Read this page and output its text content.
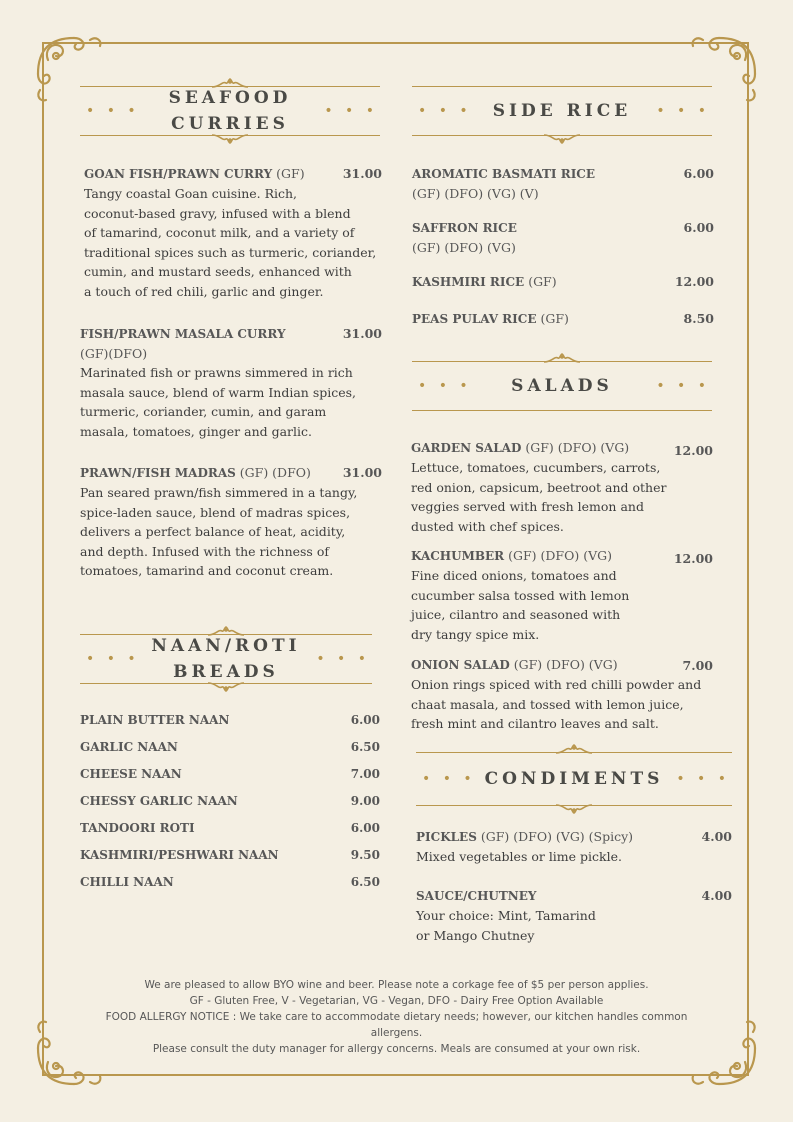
• • •
SEAFOOD
CURRIES
• • •
GOAN FISH/PRAWN CURRY (GF)	31.00
Tangy coastal Goan cuisine. Rich,
coconut-based gravy, infused with a blend
of tamarind, coconut milk, and a variety of
traditional spices such as turmeric, coriander,
cumin, and mustard seeds, enhanced with
a touch of red chili, garlic and ginger.
FISH/PRAWN MASALA CURRY	31.00
(GF)(DFO)
Marinated fish or prawns simmered in rich
masala sauce, blend of warm Indian spices,
turmeric, coriander, cumin, and garam
masala, tomatoes, ginger and garlic.
PRAWN/FISH MADRAS (GF) (DFO)	31.00
Pan seared prawn/fish simmered in a tangy,
spice-laden sauce, blend of madras spices,
delivers a perfect balance of heat, acidity,
and depth. Infused with the richness of
tomatoes, tamarind and coconut cream.
• • •
NAAN/ROTI
BREADS
• • •
PLAIN BUTTER NAAN	6.00
GARLIC NAAN	6.50
CHEESE NAAN	7.00
CHESSY GARLIC NAAN	9.00
TANDOORI ROTI	6.00
KASHMIRI/PESHWARI NAAN	9.50
CHILLI NAAN	6.50
• • •	SIDE RICE	• • •
AROMATIC BASMATI RICE	6.00
(GF) (DFO) (VG) (V)
SAFFRON RICE	6.00
(GF) (DFO) (VG)
KASHMIRI RICE (GF)	12.00
PEAS PULAV RICE (GF)	8.50
• • •	SALADS	• • •
GARDEN SALAD (GF) (DFO) (VG)	12.00
Lettuce, tomatoes, cucumbers, carrots,
red onion, capsicum, beetroot and other
veggies served with fresh lemon and
dusted with chef spices.
KACHUMBER (GF) (DFO) (VG)	12.00
Fine diced onions, tomatoes and
cucumber salsa tossed with lemon
juice, cilantro and seasoned with
dry tangy spice mix.
ONION SALAD (GF) (DFO) (VG)	7.00
Onion rings spiced with red chilli powder and
chaat masala, and tossed with lemon juice,
fresh mint and cilantro leaves and salt.
• • • CONDIMENTS • • •
PICKLES (GF) (DFO) (VG) (Spicy)	4.00
Mixed vegetables or lime pickle.
SAUCE/CHUTNEY	4.00
Your choice: Mint, Tamarind
or Mango Chutney
We are pleased to allow BYO wine and beer. Please note a corkage fee of $5 per person applies.
GF - Gluten Free, V - Vegetarian, VG - Vegan, DFO - Dairy Free Option Available
FOOD ALLERGY NOTICE : We take care to accommodate dietary needs; however, our kitchen handles common allergens.
Please consult the duty manager for allergy concerns. Meals are consumed at your own risk.
